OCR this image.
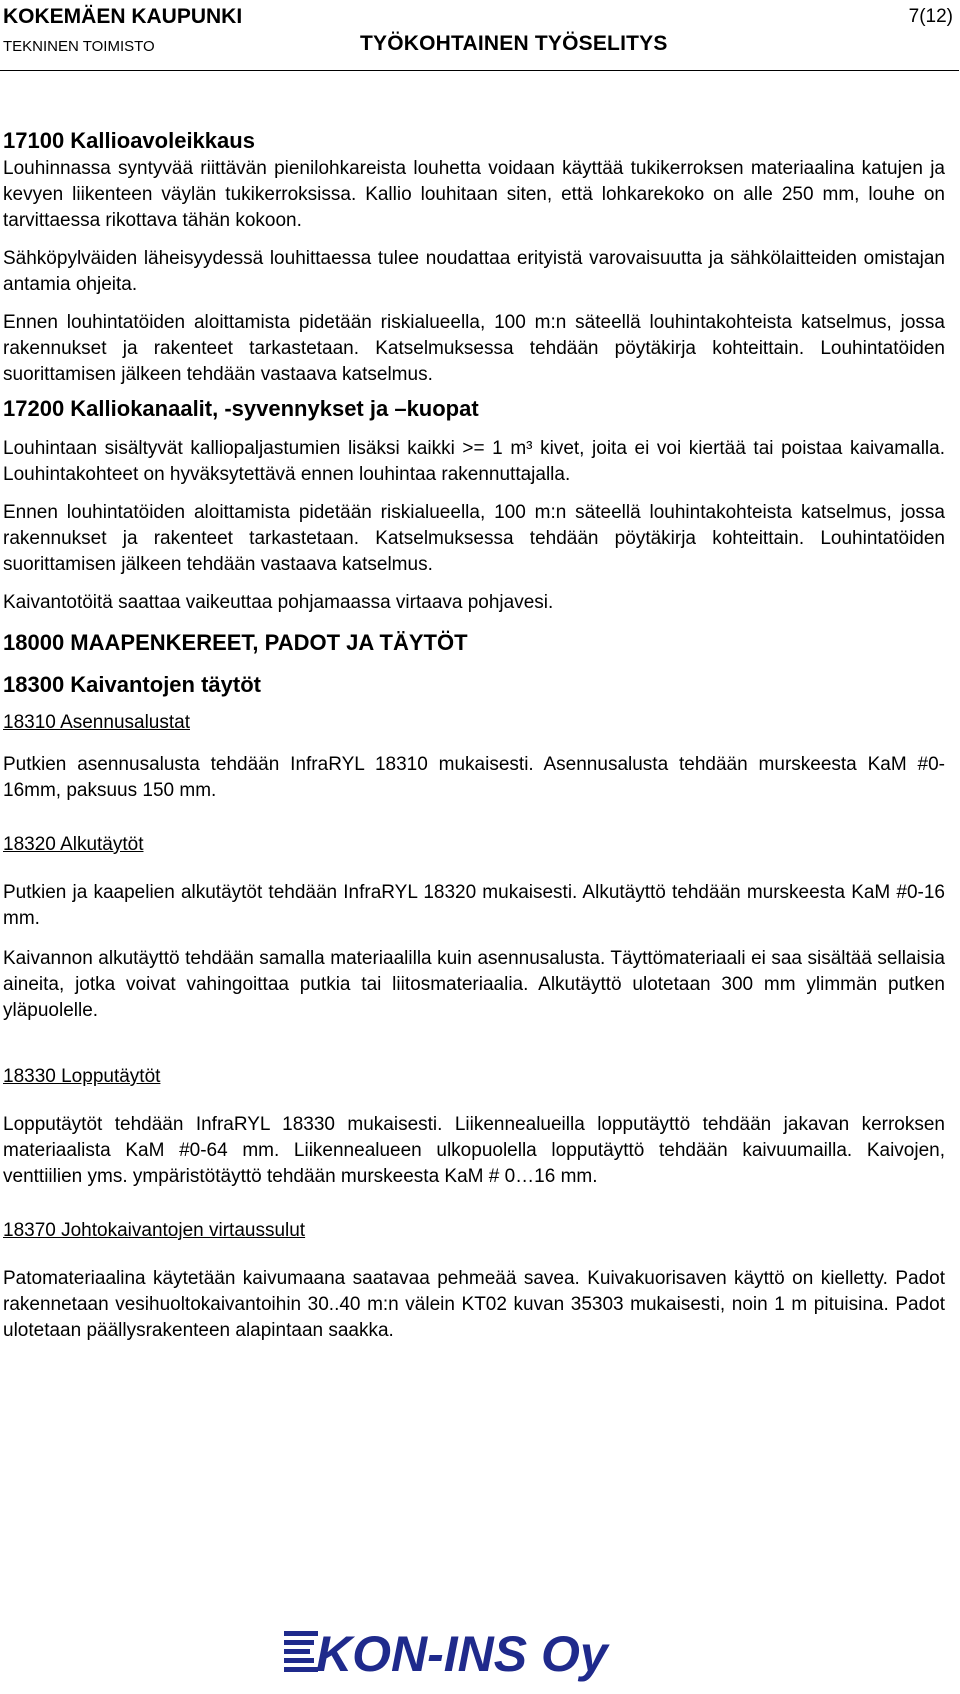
KOKEMÄEN KAUPUNKI	7(12)
TEKNINEN TOIMISTO	TYÖKOHTAINEN TYÖSELITYS
17100 Kallioavoleikkaus

Louhinnassa syntyvää riittävän pienilohkareista louhetta voidaan käyttää tukikerroksen materiaalina katujen ja kevyen liikenteen väylän tukikerroksissa. Kallio louhitaan siten, että lohkarekoko on alle 250 mm, louhe on tarvittaessa rikottava tähän kokoon.

Sähköpylväiden läheisyydessä louhittaessa tulee noudattaa erityistä varovaisuutta ja sähkölaitteiden omistajan antamia ohjeita.

Ennen louhintatöiden aloittamista pidetään riskialueella, 100 m:n säteellä louhintakohteista katselmus, jossa rakennukset ja rakenteet tarkastetaan. Katselmuksessa tehdään pöytäkirja kohteittain. Louhintatöiden suorittamisen jälkeen tehdään vastaava katselmus.

17200 Kalliokanaalit, -syvennykset ja –kuopat

Louhintaan sisältyvät kalliopaljastumien lisäksi kaikki >= 1 m³ kivet, joita ei voi kiertää tai poistaa kaivamalla. Louhintakohteet on hyväksytettävä ennen louhintaa rakennuttajalla.

Ennen louhintatöiden aloittamista pidetään riskialueella, 100 m:n säteellä louhintakohteista katselmus, jossa rakennukset ja rakenteet tarkastetaan. Katselmuksessa tehdään pöytäkirja kohteittain. Louhintatöiden suorittamisen jälkeen tehdään vastaava katselmus.

Kaivantotöitä saattaa vaikeuttaa pohjamaassa virtaava pohjavesi.

18000 MAAPENKEREET, PADOT JA TÄYTÖT
18300 Kaivantojen täytöt
18310 Asennusalustat

Putkien asennusalusta tehdään InfraRYL 18310 mukaisesti. Asennusalusta tehdään murskeesta KaM #0-16mm, paksuus 150 mm.

18320 Alkutäytöt

Putkien ja kaapelien alkutäytöt tehdään InfraRYL 18320 mukaisesti. Alkutäyttö tehdään murskeesta KaM #0-16 mm.

Kaivannon alkutäyttö tehdään samalla materiaalilla kuin asennusalusta. Täyttömateriaali ei saa sisältää sellaisia aineita, jotka voivat vahingoittaa putkia tai liitosmateriaalia. Alkutäyttö ulotetaan 300 mm ylimmän putken yläpuolelle.

18330 Lopputäytöt

Lopputäytöt tehdään InfraRYL 18330 mukaisesti. Liikennealueilla lopputäyttö tehdään jakavan kerroksen materiaalista KaM #0-64 mm. Liikennealueen ulkopuolella lopputäyttö tehdään kaivuumailla. Kaivojen, venttiilien yms. ympäristötäyttö tehdään murskeesta KaM # 0…16 mm.

18370 Johtokaivantojen virtaussulut

Patomateriaalina käytetään kaivumaana saatavaa pehmeää savea. Kuivakuorisaven käyttö on kielletty. Padot rakennetaan vesihuoltokaivantoihin 30..40 m:n välein KT02 kuvan 35303 mukaisesti, noin 1 m pituisina. Padot ulotetaan päällysrakenteen alapintaan saakka.

KON-INS Oy
